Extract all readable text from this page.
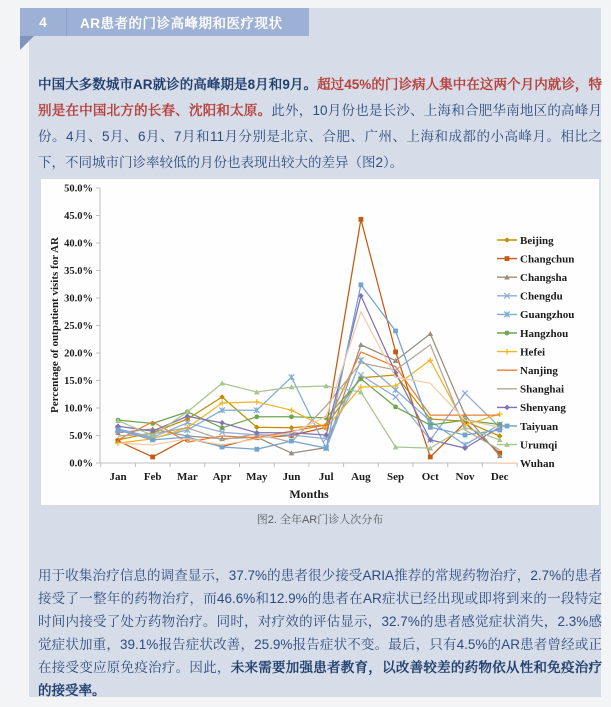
4	AR患者的门诊高峰期和医疗现状

中国大多数城市AR就诊的高峰期是8月和9月。超过45%的门诊病人集中在这两个月内就诊，特别是在中国北方的长春、沈阳和太原。此外，10月份也是长沙、上海和合肥华南地区的高峰月份。4月、5月、6月、7月和11月分别是北京、合肥、广州、上海和成都的小高峰月。相比之下，不同城市门诊率较低的月份也表现出较大的差异（图2）。

0.0%
5.0%
10.0%
15.0%
20.0%
25.0%
30.0%
35.0%
40.0%
45.0%
50.0%
Jan Feb Mar Apr May Jun Jul Aug Sep Oct Nov Dec
Months
Percentage of outpatient visits for AR	Beijing
Changchun
Changsha
Chengdu
Guangzhou
Hangzhou
Hefei
Nanjing
Shanghai
Shenyang
Taiyuan
Urumqi
Wuhan
图2. 全年AR门诊人次分布

用于收集治疗信息的调查显示，37.7%的患者很少接受ARIA推荐的常规药物治疗，2.7%的患者接受了一整年的药物治疗，而46.6%和12.9%的患者在AR症状已经出现或即将到来的一段特定时间内接受了处方药物治疗。同时，对疗效的评估显示，32.7%的患者感觉症状消失，2.3%感觉症状加重，39.1%报告症状改善，25.9%报告症状不变。最后，只有4.5%的AR患者曾经或正在接受变应原免疫治疗。因此，未来需要加强患者教育，以改善较差的药物依从性和免疫治疗的接受率。
